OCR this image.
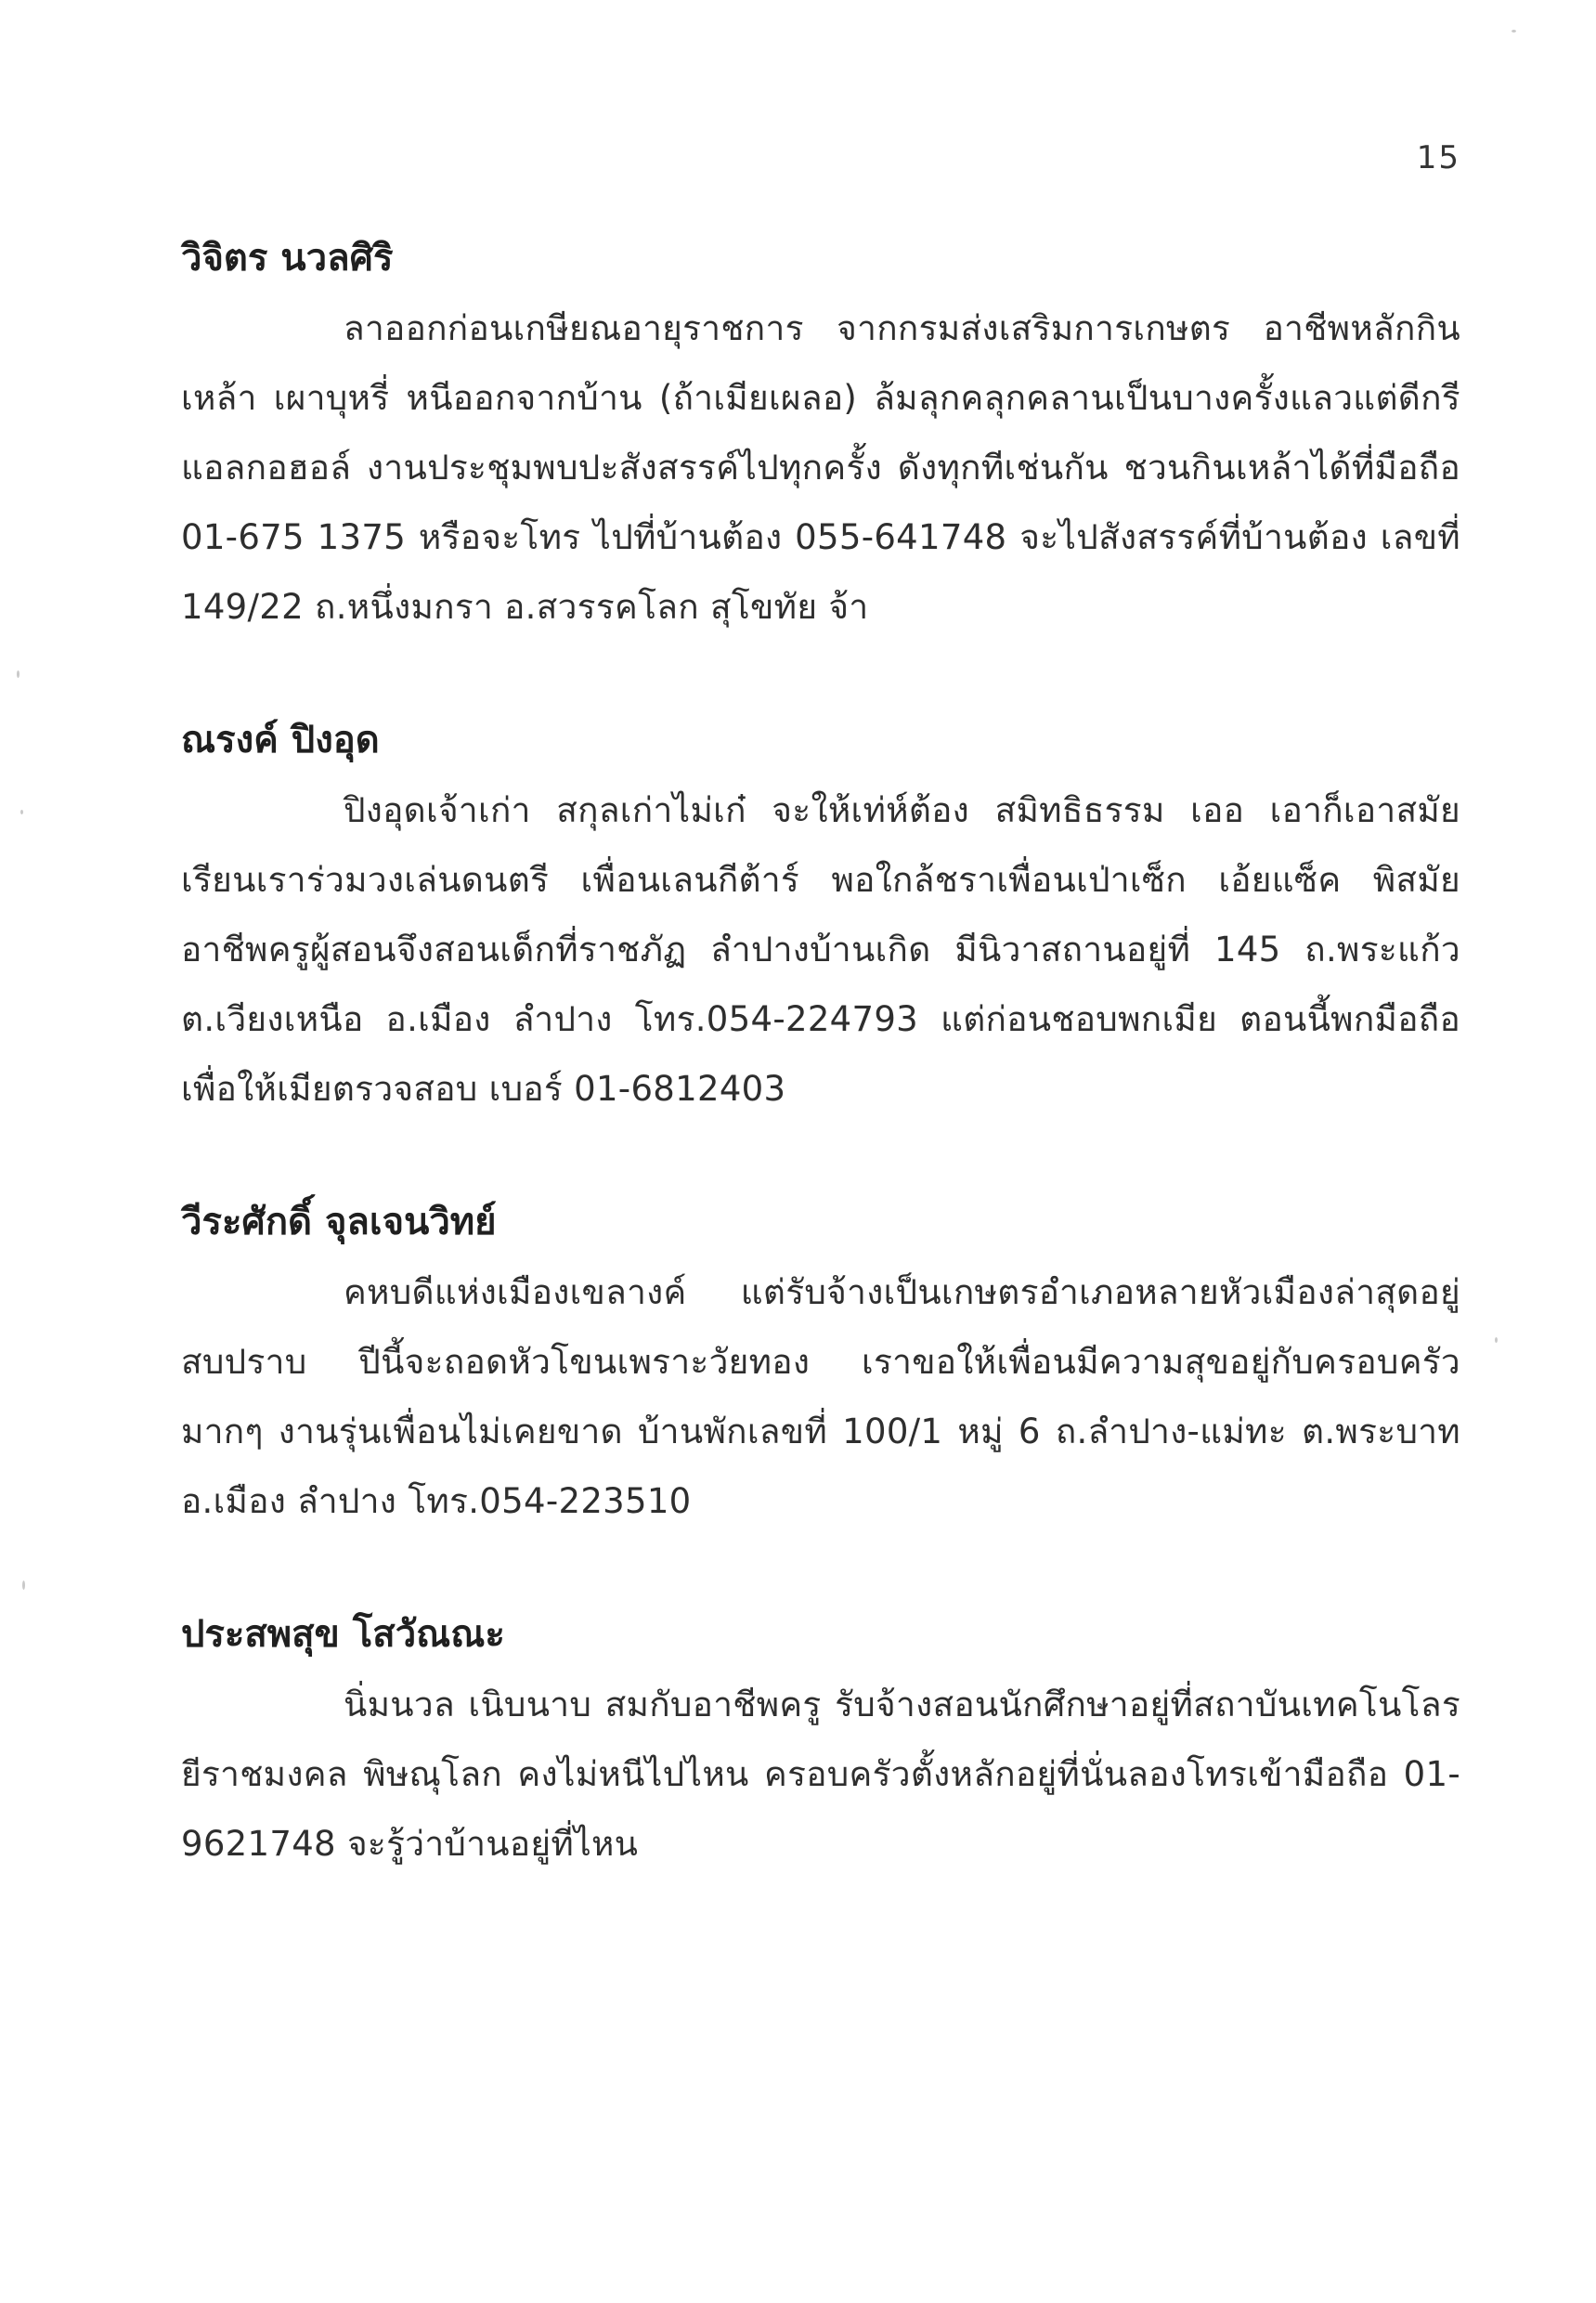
15
วิจิตร นวลศิริ
ลาออกก่อนเกษียณอายุราชการ จากกรมส่งเสริมการเกษตร อาชีพหลักกินเหล้า เผาบุหรี่ หนีออกจากบ้าน (ถ้าเมียเผลอ) ล้มลุกคลุกคลานเป็นบางครั้งแลวแต่ดีกรีแอลกอฮอล์ งานประชุมพบปะสังสรรค์ไปทุกครั้ง ดังทุกทีเช่นกัน ชวนกินเหล้าได้ที่มือถือ 01-675 1375 หรือจะโทร ไปที่บ้านต้อง 055-641748 จะไปสังสรรค์ที่บ้านต้อง เลขที่ 149/22 ถ.หนึ่งมกรา อ.สวรรคโลก สุโขทัย จ้า
ณรงค์ ปิงอุด
ปิงอุดเจ้าเก่า สกุลเก่าไม่เก๋ จะให้เท่ห์ต้อง สมิทธิธรรม เออ เอาก็เอาสมัยเรียนเราร่วมวงเล่นดนตรี เพื่อนเลนกีต้าร์ พอใกล้ชราเพื่อนเป่าเซ็ก เอ้ยแซ็ค พิสมัยอาชีพครูผู้สอนจึงสอนเด็กที่ราชภัฏ ลำปางบ้านเกิด มีนิวาสถานอยู่ที่ 145 ถ.พระแก้ว ต.เวียงเหนือ อ.เมือง ลำปาง โทร.054-224793 แต่ก่อนชอบพกเมีย ตอนนี้พกมือถือเพื่อให้เมียตรวจสอบ เบอร์ 01-6812403
วีระศักดิ์ จุลเจนวิทย์
คหบดีแห่งเมืองเขลางค์ แต่รับจ้างเป็นเกษตรอำเภอหลายหัวเมืองล่าสุดอยู่สบปราบ ปีนี้จะถอดหัวโขนเพราะวัยทอง เราขอให้เพื่อนมีความสุขอยู่กับครอบครัวมากๆ งานรุ่นเพื่อนไม่เคยขาด บ้านพักเลขที่ 100/1 หมู่ 6 ถ.ลำปาง-แม่ทะ ต.พระบาท อ.เมือง ลำปาง โทร.054-223510
ประสพสุข โสวัณณะ
นิ่มนวล เนิบนาบ สมกับอาชีพครู รับจ้างสอนนักศึกษาอยู่ที่สถาบันเทคโนโลรยีราชมงคล พิษณุโลก คงไม่หนีไปไหน ครอบครัวตั้งหลักอยู่ที่นั่นลองโทรเข้ามือถือ 01-9621748 จะรู้ว่าบ้านอยู่ที่ไหน
